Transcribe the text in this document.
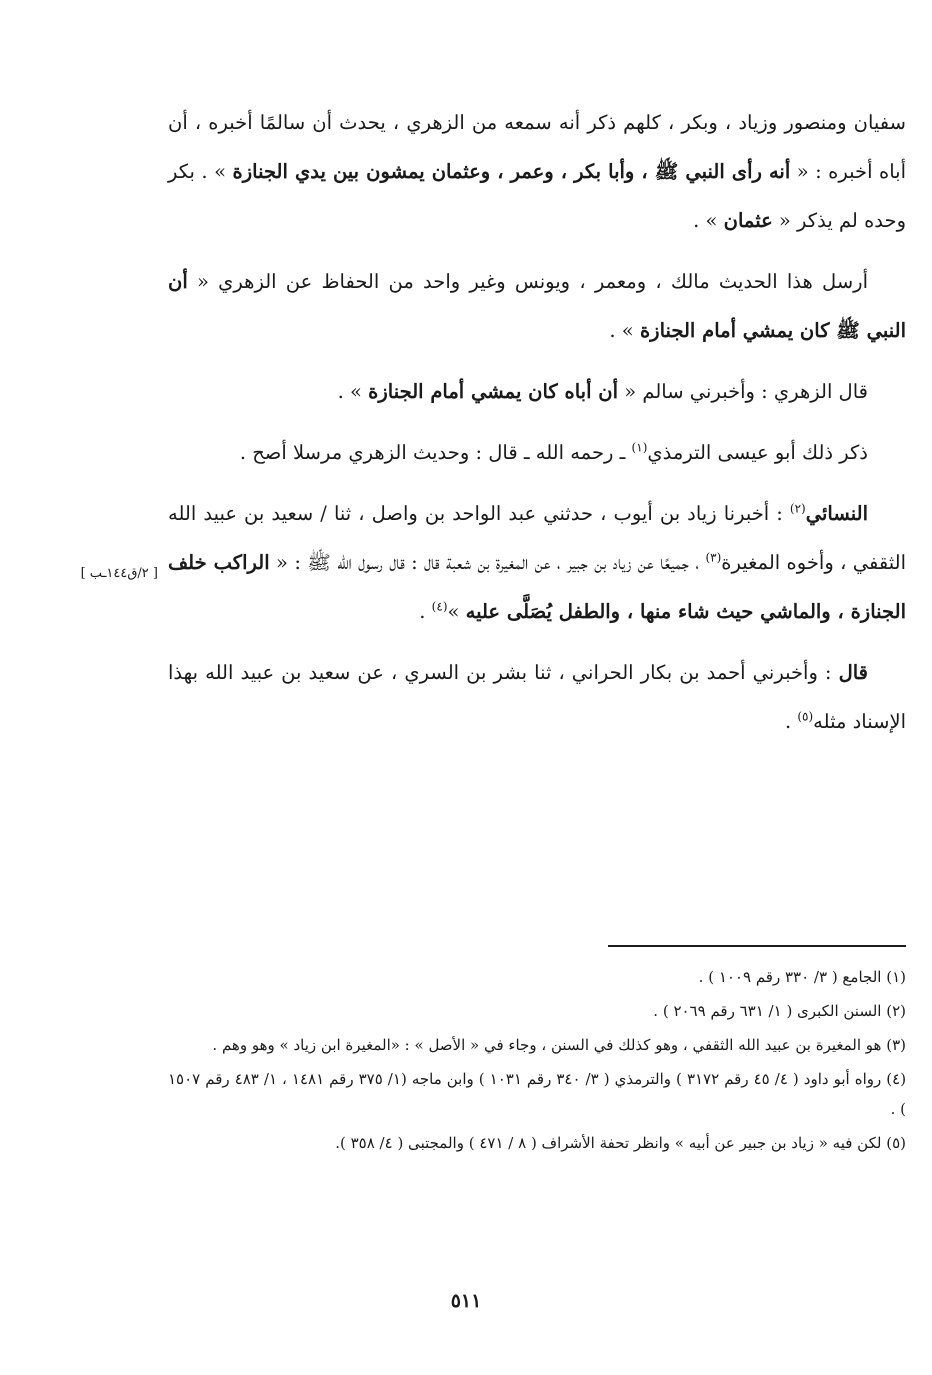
سفيان ومنصور وزياد ، وبكر ، كلهم ذكر أنه سمعه من الزهري ، يحدث أن سالمًا أخبره ، أن أباه أخبره : « أنه رأى النبي ﷺ ، وأبا بكر ، وعمر ، وعثمان يمشون بين يدي الجنازة » . بكر وحده لم يذكر « عثمان » .

أرسل هذا الحديث مالك ، ومعمر ، ويونس وغير واحد من الحفاظ عن الزهري « أن النبي ﷺ كان يمشي أمام الجنازة » .

قال الزهري : وأخبرني سالم « أن أباه كان يمشي أمام الجنازة » .

ذكر ذلك أبو عيسى الترمذي$^{(١)}$ ـ رحمه الله ـ قال : وحديث الزهري مرسلا أصح .

النسائي$^{(٢)}$ : أخبرنا زياد بن أيوب ، حدثني عبد الواحد بن واصل ، ثنا / سعيد بن عبيد الله الثقفي ، وأخوه المغيرة$^{(٣)}$ ، جميعًا عن زياد بن جبير ، عن المغيرة بن شعبة قال : قال رسول الله ﷺ : « الراكب خلف الجنازة ، والماشي حيث شاء منها ، والطفل يُصَلَّى عليه »$^{(٤)}$ .

قال : وأخبرني أحمد بن بكار الحراني ، ثنا بشر بن السري ، عن سعيد بن عبيد الله بهذا الإسناد مثله$^{(٥)}$ .

[ ٢/ق١٤٤ـب ]

(١) الجامع ( ٣/ ٣٣٠ رقم ١٠٠٩ ) .

(٢) السنن الكبرى ( ١/ ٦٣١ رقم ٢٠٦٩ ) .

(٣) هو المغيرة بن عبيد الله الثقفي ، وهو كذلك في السنن ، وجاء في « الأصل » : «المغيرة ابن زياد » وهو وهم .

(٤) رواه أبو داود ( ٤/ ٤٥ رقم ٣١٧٢ ) والترمذي ( ٣/ ٣٤٠ رقم ١٠٣١ ) وابن ماجه (١/ ٣٧٥ رقم ١٤٨١ ، ١/ ٤٨٣ رقم ١٥٠٧ ) .

(٥) لكن فيه « زياد بن جبير عن أبيه » وانظر تحفة الأشراف ( ٨ / ٤٧١ ) والمجتبى ( ٤/ ٣٥٨ ).

٥١١
